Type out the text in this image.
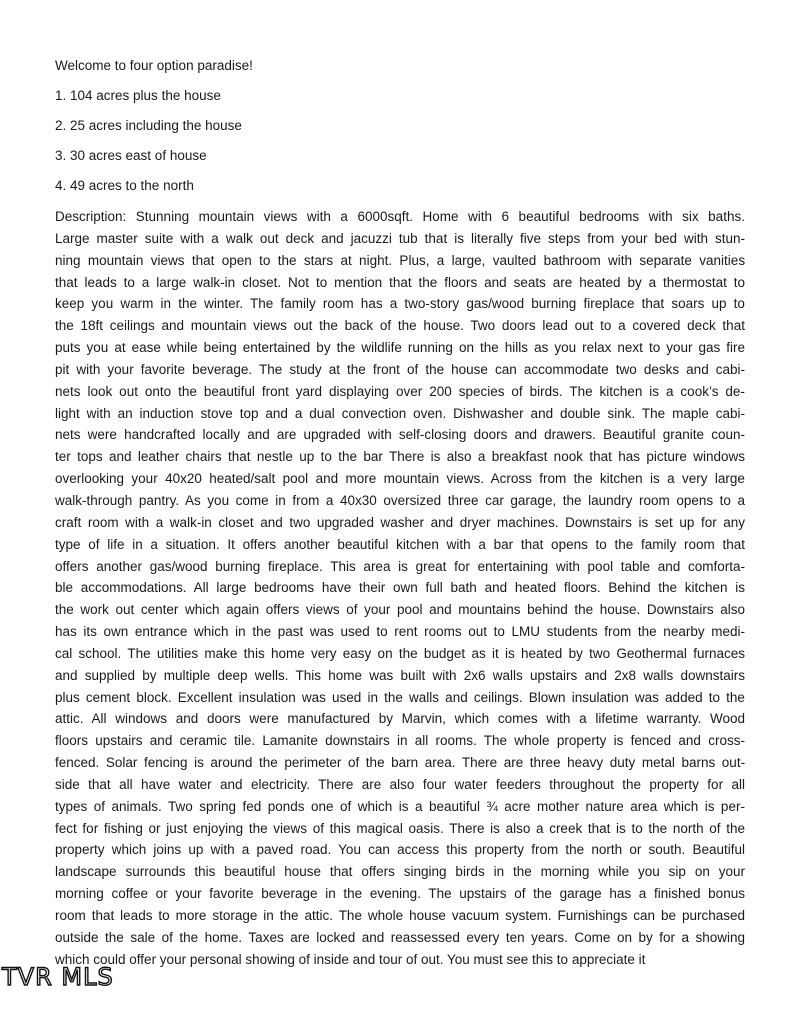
Welcome to four option paradise!

1. 104 acres plus the house

2. 25 acres including the house

3. 30 acres east of house

4. 49 acres to the north

Description: Stunning mountain views with a 6000sqft. Home with 6 beautiful bedrooms with six baths.
Large master suite with a walk out deck and jacuzzi tub that is literally five steps from your bed with stun-
ning mountain views that open to the stars at night. Plus, a large, vaulted bathroom with separate vanities
that leads to a large walk-in closet. Not to mention that the floors and seats are heated by a thermostat to
keep you warm in the winter. The family room has a two-story gas/wood burning fireplace that soars up to
the 18ft ceilings and mountain views out the back of the house. Two doors lead out to a covered deck that
puts you at ease while being entertained by the wildlife running on the hills as you relax next to your gas fire
pit with your favorite beverage. The study at the front of the house can accommodate two desks and cabi-
nets look out onto the beautiful front yard displaying over 200 species of birds. The kitchen is a cook’s de-
light with an induction stove top and a dual convection oven. Dishwasher and double sink. The maple cabi-
nets were handcrafted locally and are upgraded with self-closing doors and drawers. Beautiful granite coun-
ter tops and leather chairs that nestle up to the bar There is also a breakfast nook that has picture windows
overlooking your 40x20 heated/salt pool and more mountain views. Across from the kitchen is a very large
walk-through pantry. As you come in from a 40x30 oversized three car garage, the laundry room opens to a
craft room with a walk-in closet and two upgraded washer and dryer machines. Downstairs is set up for any
type of life in a situation. It offers another beautiful kitchen with a bar that opens to the family room that
offers another gas/wood burning fireplace. This area is great for entertaining with pool table and comforta-
ble accommodations. All large bedrooms have their own full bath and heated floors. Behind the kitchen is
the work out center which again offers views of your pool and mountains behind the house. Downstairs also
has its own entrance which in the past was used to rent rooms out to LMU students from the nearby medi-
cal school. The utilities make this home very easy on the budget as it is heated by two Geothermal furnaces
and supplied by multiple deep wells. This home was built with 2x6 walls upstairs and 2x8 walls downstairs
plus cement block. Excellent insulation was used in the walls and ceilings. Blown insulation was added to the
attic. All windows and doors were manufactured by Marvin, which comes with a lifetime warranty. Wood
floors upstairs and ceramic tile. Lamanite downstairs in all rooms. The whole property is fenced and cross-
fenced. Solar fencing is around the perimeter of the barn area. There are three heavy duty metal barns out-
side that all have water and electricity. There are also four water feeders throughout the property for all
types of animals. Two spring fed ponds one of which is a beautiful ¾ acre mother nature area which is per-
fect for fishing or just enjoying the views of this magical oasis. There is also a creek that is to the north of the
property which joins up with a paved road. You can access this property from the north or south. Beautiful
landscape surrounds this beautiful house that offers singing birds in the morning while you sip on your
morning coffee or your favorite beverage in the evening. The upstairs of the garage has a finished bonus
room that leads to more storage in the attic. The whole house vacuum system. Furnishings can be purchased
outside the sale of the home. Taxes are locked and reassessed every ten years. Come on by for a showing
which could offer your personal showing of inside and tour of out. You must see this to appreciate it
TVR MLS
